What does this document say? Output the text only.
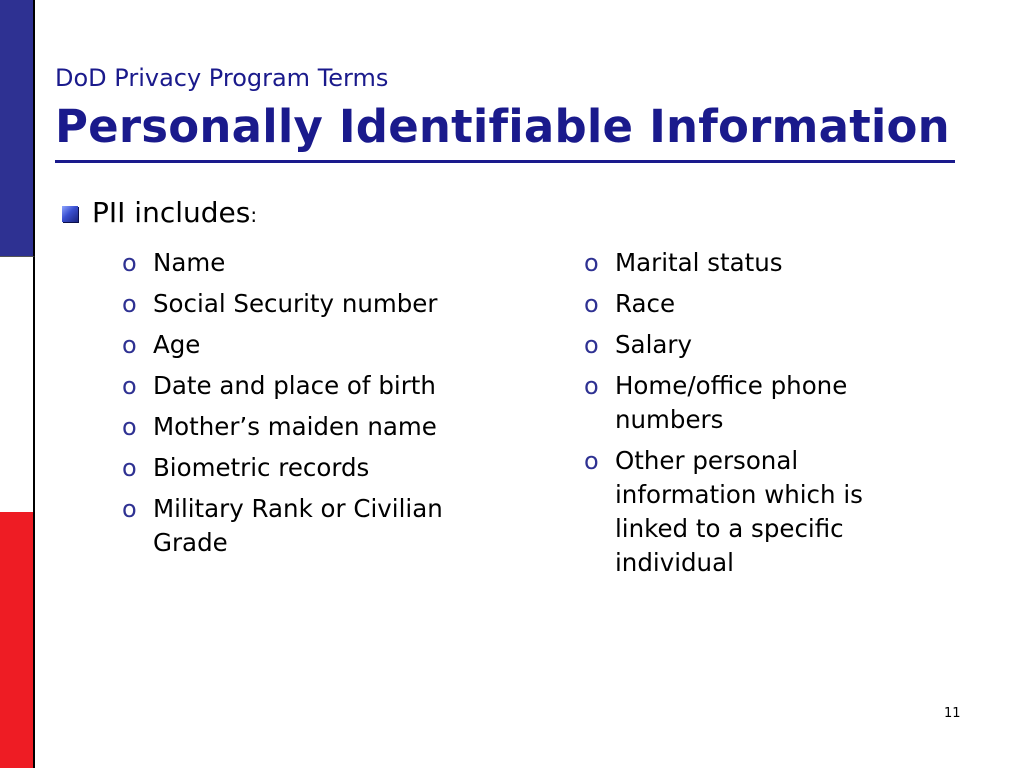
DoD Privacy Program Terms
Personally Identifiable Information
PII includes:
o Name
o Social Security number
o Age
o Date and place of birth
o Mother’s maiden name
o Biometric records
o Military Rank or Civilian Grade
o Marital status
o Race
o Salary
o Home/office phone numbers
o Other personal information which is linked to a specific individual
11
